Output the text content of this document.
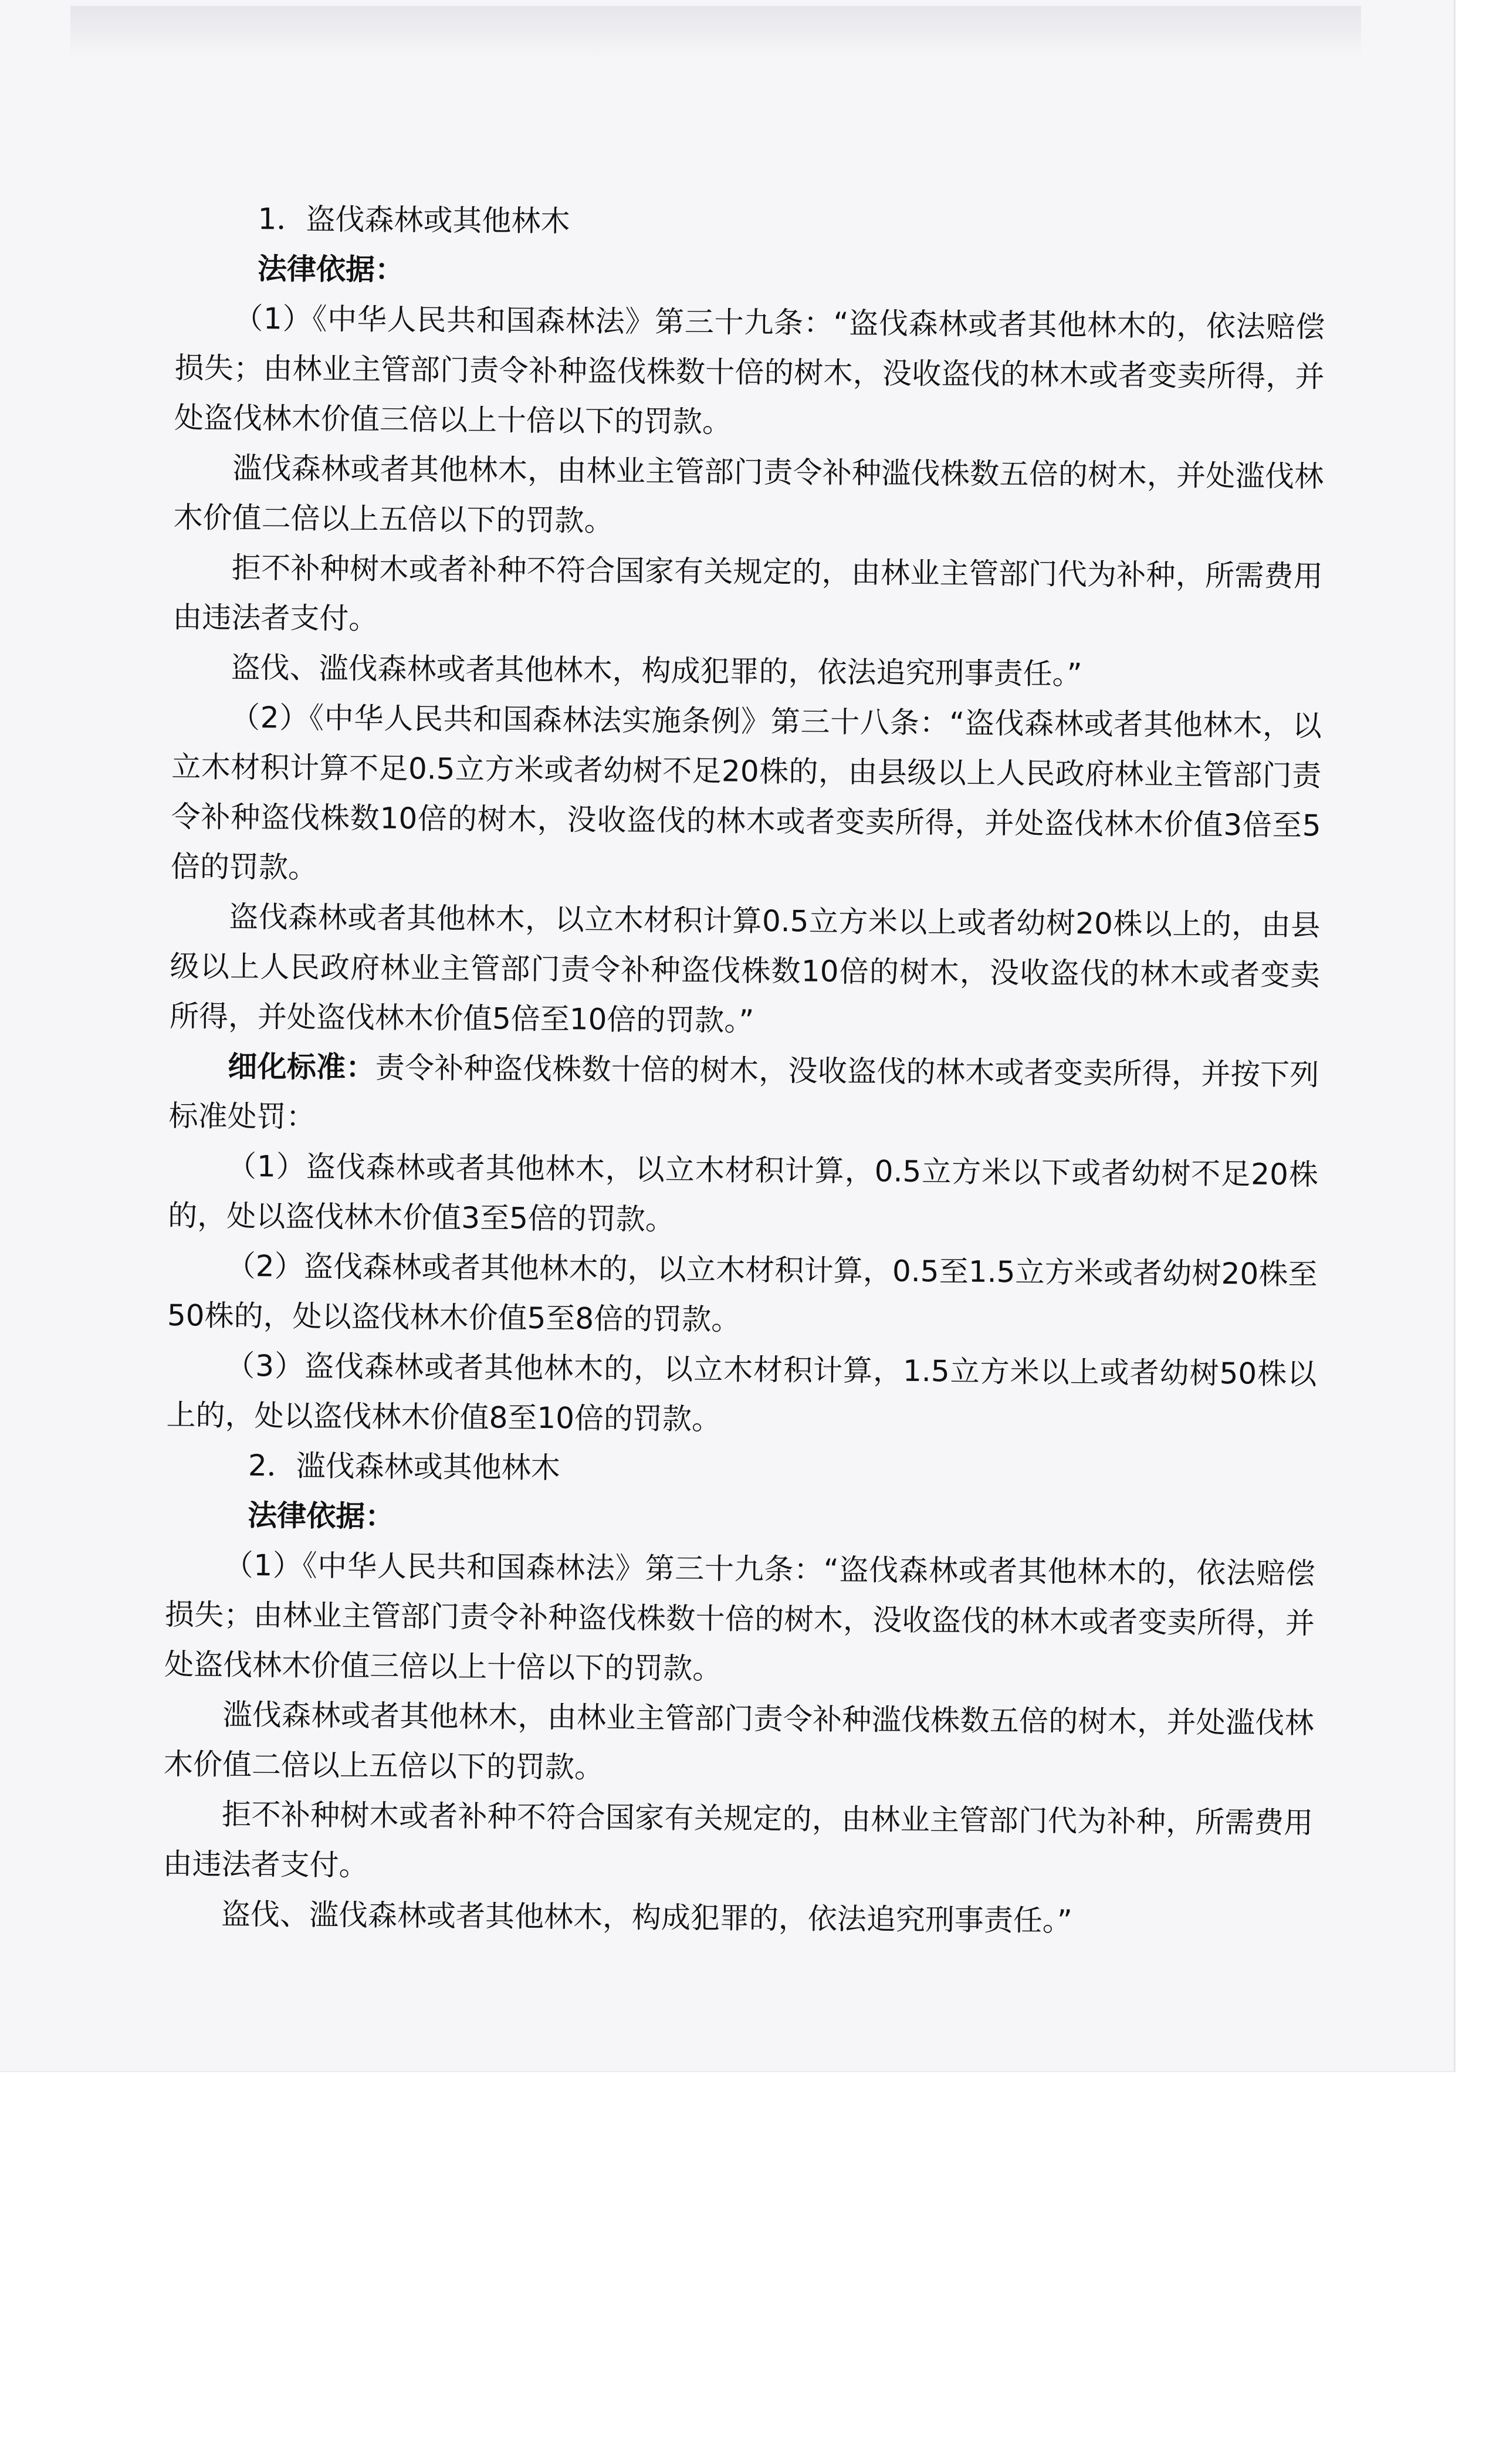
1．盗伐森林或其他林木

法律依据：

（1）《中华人民共和国森林法》第三十九条：“盗伐森林或者其他林木的，依法赔偿损失；由林业主管部门责令补种盗伐株数十倍的树木，没收盗伐的林木或者变卖所得，并处盗伐林木价值三倍以上十倍以下的罚款。

滥伐森林或者其他林木，由林业主管部门责令补种滥伐株数五倍的树木，并处滥伐林木价值二倍以上五倍以下的罚款。

拒不补种树木或者补种不符合国家有关规定的，由林业主管部门代为补种，所需费用由违法者支付。

盗伐、滥伐森林或者其他林木，构成犯罪的，依法追究刑事责任。”

（2）《中华人民共和国森林法实施条例》第三十八条：“盗伐森林或者其他林木，以立木材积计算不足0.5立方米或者幼树不足20株的，由县级以上人民政府林业主管部门责令补种盗伐株数10倍的树木，没收盗伐的林木或者变卖所得，并处盗伐林木价值3倍至5倍的罚款。

盗伐森林或者其他林木，以立木材积计算0.5立方米以上或者幼树20株以上的，由县级以上人民政府林业主管部门责令补种盗伐株数10倍的树木，没收盗伐的林木或者变卖所得，并处盗伐林木价值5倍至10倍的罚款。”

细化标准：责令补种盗伐株数十倍的树木，没收盗伐的林木或者变卖所得，并按下列标准处罚：

（1）盗伐森林或者其他林木，以立木材积计算，0.5立方米以下或者幼树不足20株的，处以盗伐林木价值3至5倍的罚款。

（2）盗伐森林或者其他林木的，以立木材积计算，0.5至1.5立方米或者幼树20株至50株的，处以盗伐林木价值5至8倍的罚款。

（3）盗伐森林或者其他林木的，以立木材积计算，1.5立方米以上或者幼树50株以上的，处以盗伐林木价值8至10倍的罚款。

2．滥伐森林或其他林木

法律依据：

（1）《中华人民共和国森林法》第三十九条：“盗伐森林或者其他林木的，依法赔偿损失；由林业主管部门责令补种盗伐株数十倍的树木，没收盗伐的林木或者变卖所得，并处盗伐林木价值三倍以上十倍以下的罚款。

滥伐森林或者其他林木，由林业主管部门责令补种滥伐株数五倍的树木，并处滥伐林木价值二倍以上五倍以下的罚款。

拒不补种树木或者补种不符合国家有关规定的，由林业主管部门代为补种，所需费用由违法者支付。

盗伐、滥伐森林或者其他林木，构成犯罪的，依法追究刑事责任。”
